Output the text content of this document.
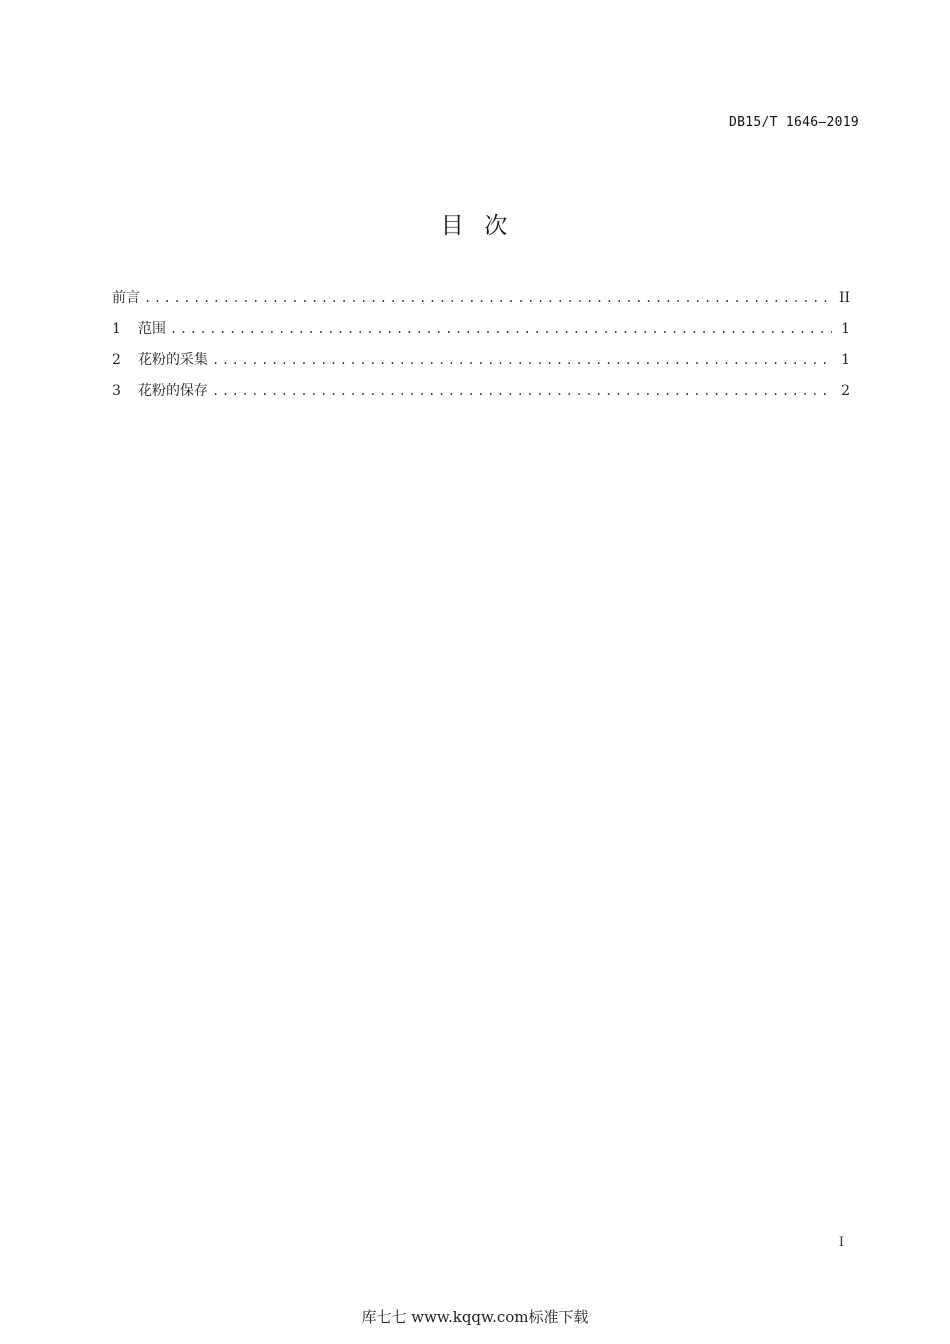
DB15/T 1646—2019
目  次
前言 .....	II
1	范围 .....	1
2	花粉的采集 .....	1
3	花粉的保存 .....	2
I
库七七 www.kqqw.com标准下载
